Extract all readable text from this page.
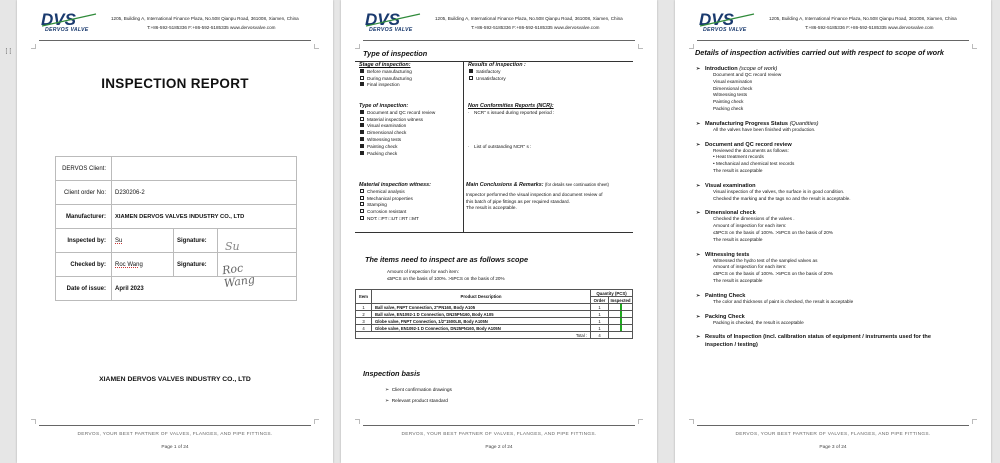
⁞⁞
DVS
DERVOS VALVE
1205, Building A, International Finance Plaza, No.508 Qianpu Road, 361008, Xiamen, China
T:+86-592-5185336 F:+86-592-5185335 www.dervosvalve.com
INSPECTION REPORT
DERVOS Client:			
Client order No:	D230206-2		
Manufacturer:	XIAMEN DERVOS VALVES INDUSTRY CO., LTD		
Inspected by:	Su	Signature:	Su

Checked by:	Roc Wang	Signature:	Roc Wang

Date of issue:	April 2023		
XIAMEN DERVOS VALVES INDUSTRY CO., LTD
DERVOS, YOUR BEST PARTNER OF VALVES, FLANGES, AND PIPE FITTINGS.
Page 1 of 24
DVS
DERVOS VALVE
1205, Building A, International Finance Plaza, No.508 Qianpu Road, 361008, Xiamen, China
T:+86-592-5185336 F:+86-592-5185335 www.dervosvalve.com
Type of inspection
Stage of inspection:
Before manufacturing
During manufacturing
Final inspection
Results of inspection :
Satisfactory
Unsatisfactory
Type of inspection:
Document and QC record review
Material inspection witness
Visual examination
Dimensional check
Witnessing tests
Painting check
Packing check
Non Conformities Reports (NCR):
· NCR" s issued during reported period :
· List of outstanding NCR" s :
Material inspection witness:
Chemical analysis
Mechanical properties
Stamping
Corrosion resistant
NDT: □PT □UT □RT □MT
Main Conclusions & Remarks: (for details see continuation sheet)
Inspector performed the visual inspection and document review of
this batch of pipe fittings as per required standard.
The result is acceptable.
The items need to inspect are as follows scope
Amount of inspection for each item:
≤5PCS on the basis of 100%. >5PCS on the basis of 20%
Item	Product Description	Quantity (PCS)	
		Order	Inspected
1	Ball valve, FNPT Connection, 2"PN160, Body A105	1	
2	Ball valve, EN1092-1 D Connection, DN25PN160, Body A105	1	
3	Globe valve, FNPT Connection, 1/2"1500LB, Body A105N	1	
4	Globe valve, EN1092-1 D Connection, DN25PN160, Body A105N	1	
Total :		4	
Inspection basis
➢  Client confirmation drawings
➢  Relevant product standard
DERVOS, YOUR BEST PARTNER OF VALVES, FLANGES, AND PIPE FITTINGS.
Page 2 of 24
DVS
DERVOS VALVE
1205, Building A, International Finance Plaza, No.508 Qianpu Road, 361008, Xiamen, China
T:+86-592-5185336 F:+86-592-5185335 www.dervosvalve.com
Details of inspection activities carried out with respect to scope of work
➢ Introduction (scope of work)
Document and QC record review
Visual examination
Dimensional check
Witnessing tests
Painting check
Packing check
➢ Manufacturing Progress Status (Quantities)
All the valves have been finished with production.
➢ Document and QC record review
Reviewed the documents as follows:
• Heat treatment records
• Mechanical and chemical test records
The result is acceptable
➢ Visual examination
Visual inspection of the valves, the surface is in good condition.
Checked the marking and the tags no and the result is acceptable.
➢ Dimensional check
Checked the dimensions of the valves .
Amount of inspection for each item:
≤5PCS on the basis of 100%. >5PCS on the basis of 20%
The result is acceptable
➢ Witnessing tests
Witnessed the hydro test of the sampled valves as
Amount of inspection for each item:
≤5PCS on the basis of 100%. >5PCS on the basis of 20%
The result is acceptable
➢ Painting Check
The color and thickness of paint is checked, the result is acceptable
➢ Packing Check
Packing is checked, the result is acceptable
➢ Results of Inspection (incl. calibration status of equipment / instruments used for the inspection / testing)
DERVOS, YOUR BEST PARTNER OF VALVES, FLANGES, AND PIPE FITTINGS.
Page 3 of 24
